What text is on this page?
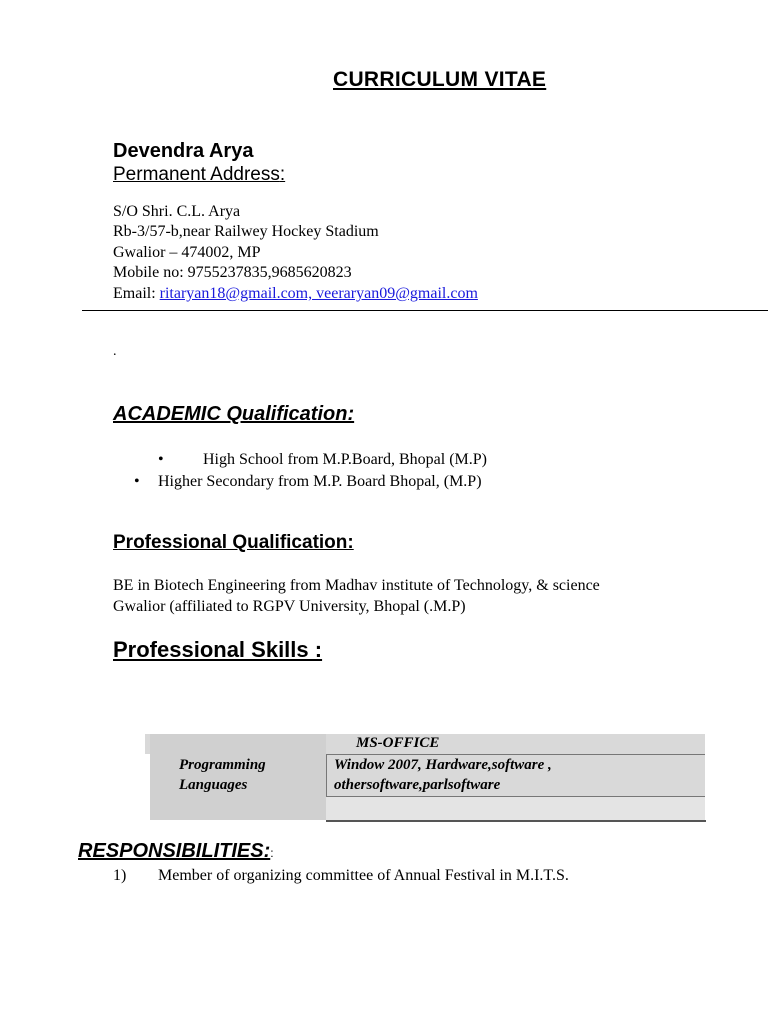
CURRICULUM VITAE
Devendra Arya
Permanent Address:
S/O Shri. C.L. Arya
Rb-3/57-b,near Railwey Hockey Stadium
Gwalior – 474002, MP
Mobile no: 9755237835,9685620823
Email: ritaryan18@gmail.com, veeraryan09@gmail.com
.
ACADEMIC Qualification:
• High School from M.P.Board, Bhopal (M.P)
• Higher Secondary from M.P. Board Bhopal, (M.P)
Professional Qualification:
BE in Biotech Engineering from Madhav institute of Technology, & science
Gwalior (affiliated to RGPV University, Bhopal (.M.P)
Professional Skills :
MS-OFFICE
Programming
Languages
Window 2007, Hardware,software ,
othersoftware,parlsoftware
RESPONSIBILITIES::
1) Member of organizing committee of Annual Festival in M.I.T.S.
